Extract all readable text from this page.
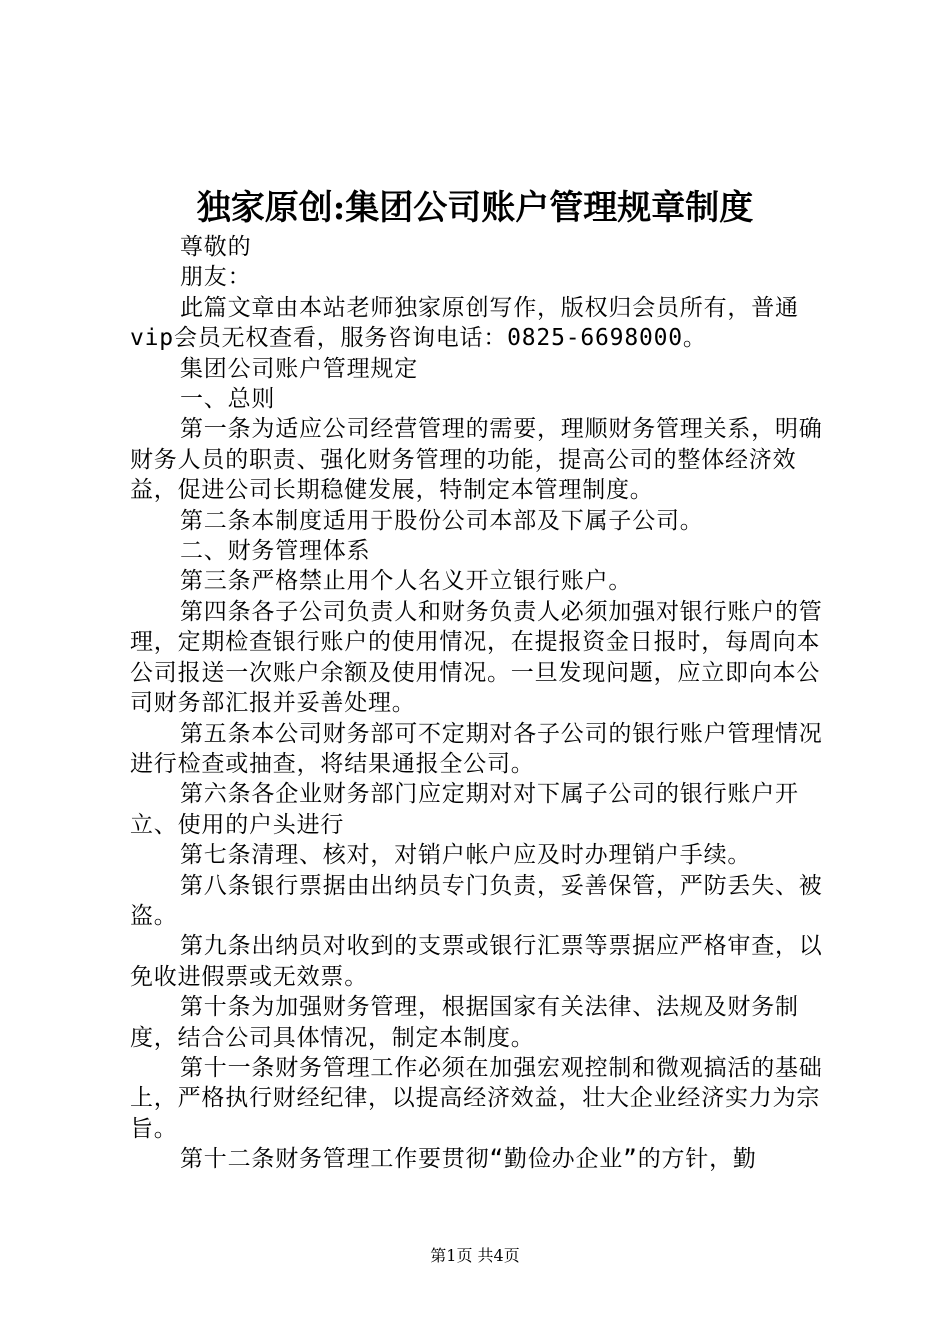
独家原创:集团公司账户管理规章制度

尊敬的

朋友：

此篇文章由本站老师独家原创写作，版权归会员所有，普通vip会员无权查看，服务咨询电话：0825-6698000。

集团公司账户管理规定

一、总则

第一条为适应公司经营管理的需要，理顺财务管理关系，明确财务人员的职责、强化财务管理的功能，提高公司的整体经济效益，促进公司长期稳健发展，特制定本管理制度。

第二条本制度适用于股份公司本部及下属子公司。

二、财务管理体系

第三条严格禁止用个人名义开立银行账户。

第四条各子公司负责人和财务负责人必须加强对银行账户的管理，定期检查银行账户的使用情况，在提报资金日报时，每周向本公司报送一次账户余额及使用情况。一旦发现问题，应立即向本公司财务部汇报并妥善处理。

第五条本公司财务部可不定期对各子公司的银行账户管理情况进行检查或抽查，将结果通报全公司。

第六条各企业财务部门应定期对对下属子公司的银行账户开立、使用的户头进行

第七条清理、核对，对销户帐户应及时办理销户手续。

第八条银行票据由出纳员专门负责，妥善保管，严防丢失、被盗。

第九条出纳员对收到的支票或银行汇票等票据应严格审查，以免收进假票或无效票。

第十条为加强财务管理，根据国家有关法律、法规及财务制度，结合公司具体情况，制定本制度。

第十一条财务管理工作必须在加强宏观控制和微观搞活的基础上，严格执行财经纪律，以提高经济效益，壮大企业经济实力为宗旨。

第十二条财务管理工作要贯彻“勤俭办企业”的方针，勤

第1页 共4页
